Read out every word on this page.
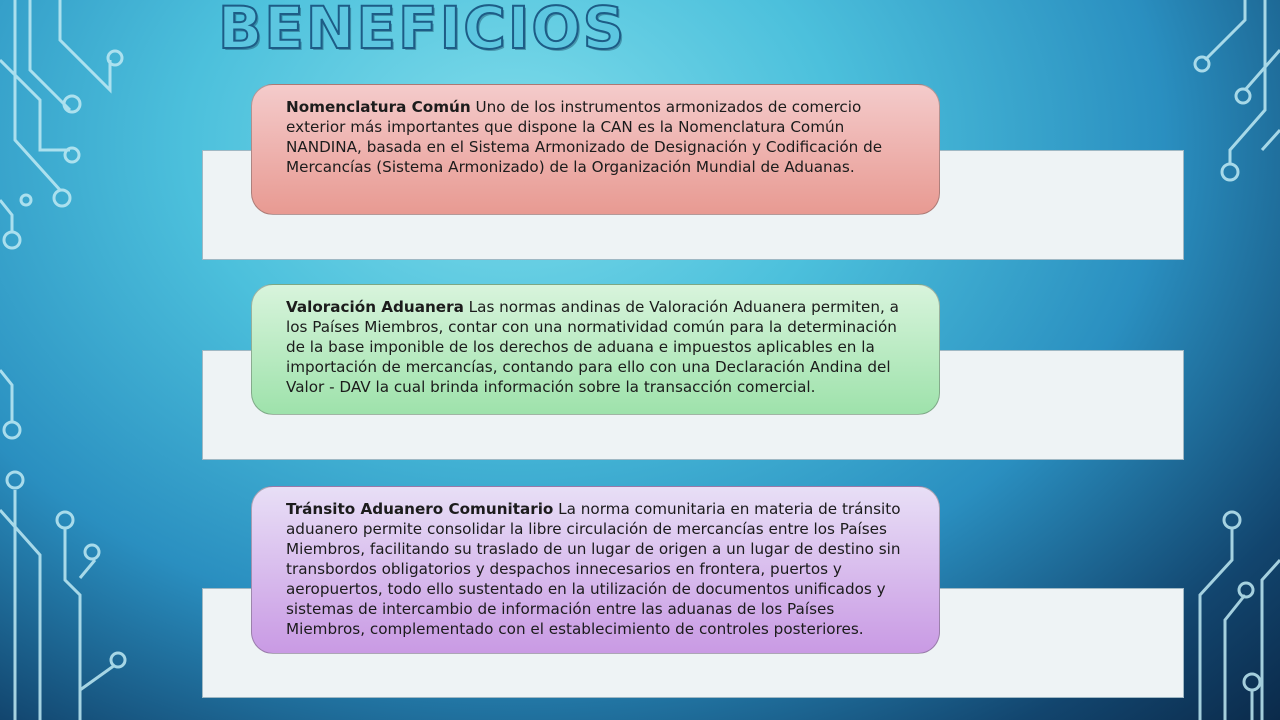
BENEFICIOS
Nomenclatura Común Uno de los instrumentos armonizados de comercio exterior más importantes que dispone la CAN es la Nomenclatura Común NANDINA, basada en el Sistema Armonizado de Designación y Codificación de Mercancías (Sistema Armonizado) de la Organización Mundial de Aduanas.
Valoración Aduanera Las normas andinas de Valoración Aduanera permiten, a los Países Miembros, contar con una normatividad común para la determinación de la base imponible de los derechos de aduana e impuestos aplicables en la importación de mercancías, contando para ello con una Declaración Andina del Valor - DAV la cual brinda información sobre la transacción comercial.
Tránsito Aduanero Comunitario La norma comunitaria en materia de tránsito aduanero permite consolidar la libre circulación de mercancías entre los Países Miembros, facilitando su traslado de un lugar de origen a un lugar de destino sin transbordos obligatorios y despachos innecesarios en frontera, puertos y aeropuertos, todo ello sustentado en la utilización de documentos unificados y sistemas de intercambio de información entre las aduanas de los Países Miembros, complementado con el establecimiento de controles posteriores.
